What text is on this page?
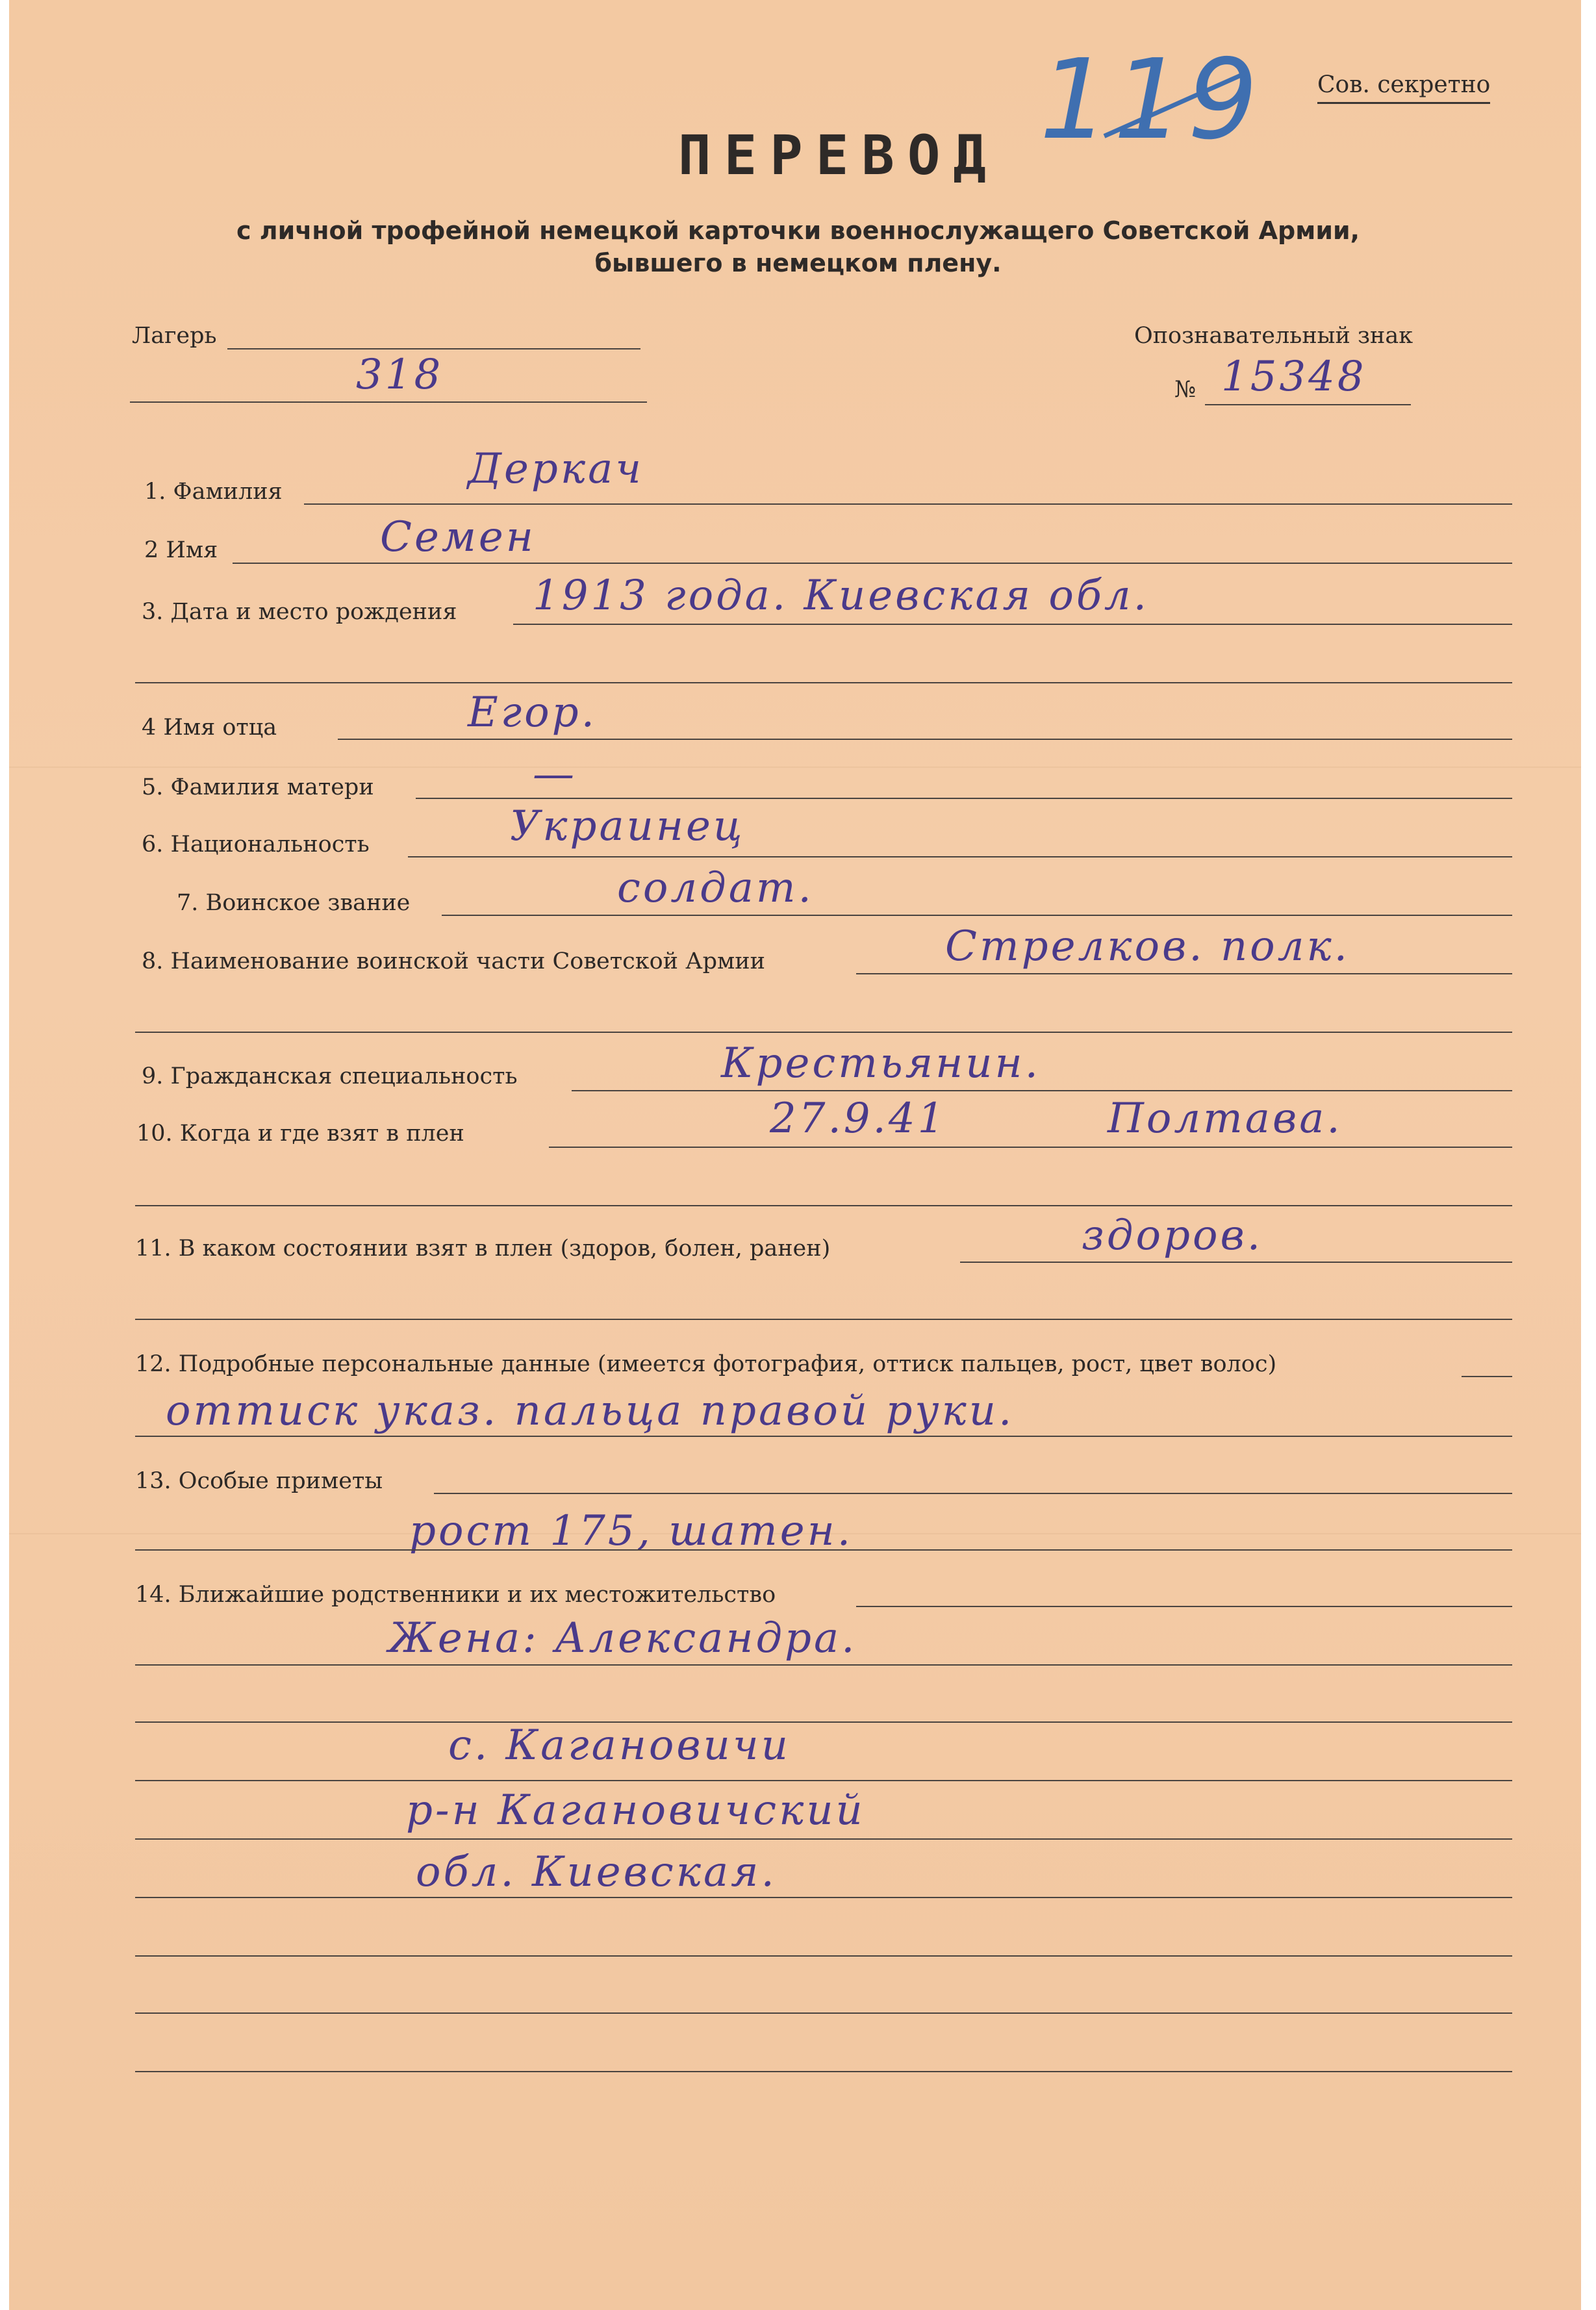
Сов. секретно
119
ПЕРЕВОД
с личной трофейной немецкой карточки военнослужащего Советской Армии,
бывшего в немецком плену.
Лагерь
318
Опознавательный знак
№ 15348
1. Фамилия	Деркач
2 Имя	Семен
3. Дата и место рождения 1913 года. Киевская обл.
4 Имя отца	Егор.
5. Фамилия матери	—
6. Национальность	Украинец
7. Воинское звание	солдат.
8. Наименование воинской части Советской Армии	Стрелков. полк.
9. Гражданская специальность	Крестьянин.
10. Когда и где взят в плен	27.9.41	Полтава.
11. В каком состоянии взят в плен (здоров, болен, ранен)	здоров.
12. Подробные персональные данные (имеется фотография, оттиск пальцев, рост, цвет волос)
оттиск указ. пальца правой руки.
13. Особые приметы
рост 175, шатен.
14. Ближайшие родственники и их местожительство
Жена: Александра.
с. Кагановичи
р-н Кагановичский
обл. Киевская.
